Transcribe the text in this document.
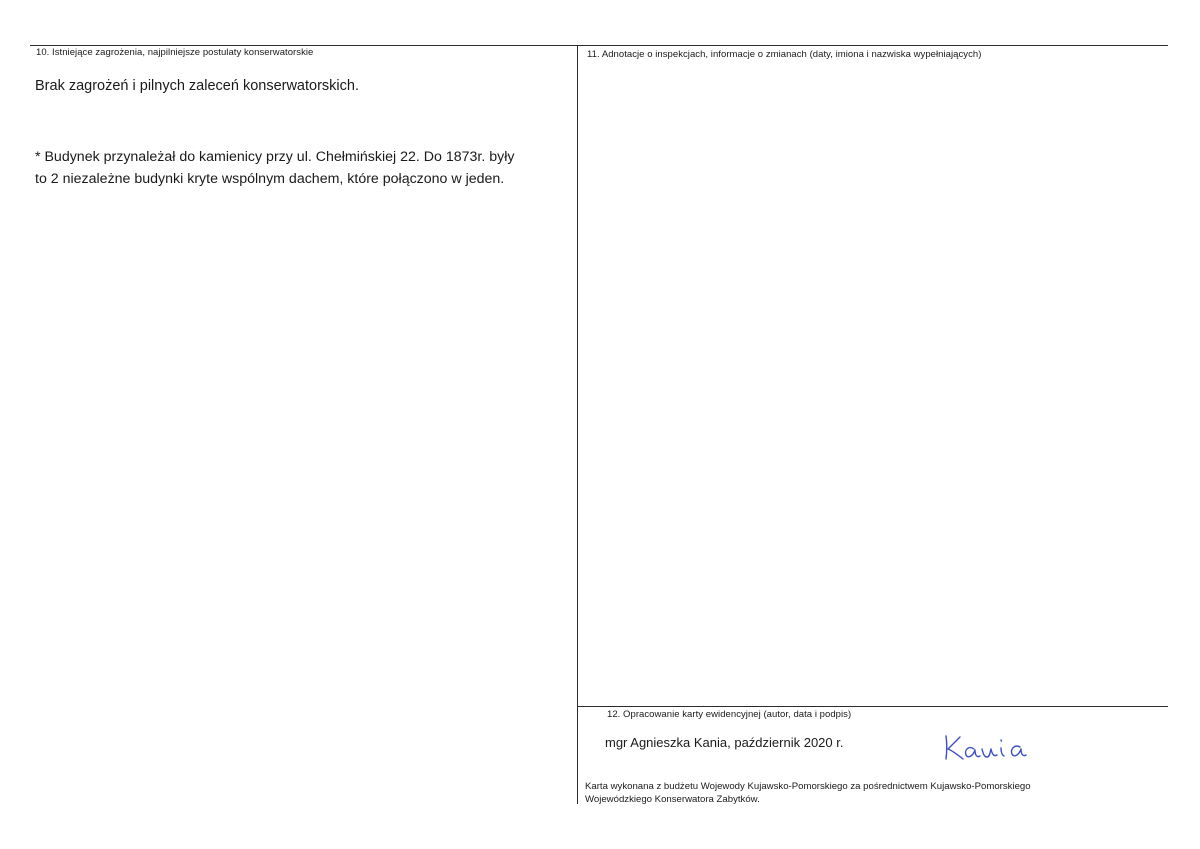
10. Istniejące zagrożenia, najpilniejsze postulaty konserwatorskie
Brak zagrożeń i pilnych zaleceń konserwatorskich.
* Budynek przynależał do kamienicy przy ul. Chełmińskiej 22. Do 1873r. były
to 2 niezależne budynki kryte wspólnym dachem, które połączono w jeden.
11. Adnotacje o inspekcjach, informacje o zmianach (daty, imiona i nazwiska wypełniających)
12. Opracowanie karty ewidencyjnej (autor, data i podpis)
mgr Agnieszka Kania, październik 2020 r.
Karta wykonana z budżetu Wojewody Kujawsko-Pomorskiego za pośrednictwem Kujawsko-Pomorskiego
Wojewódzkiego Konserwatora Zabytków.
